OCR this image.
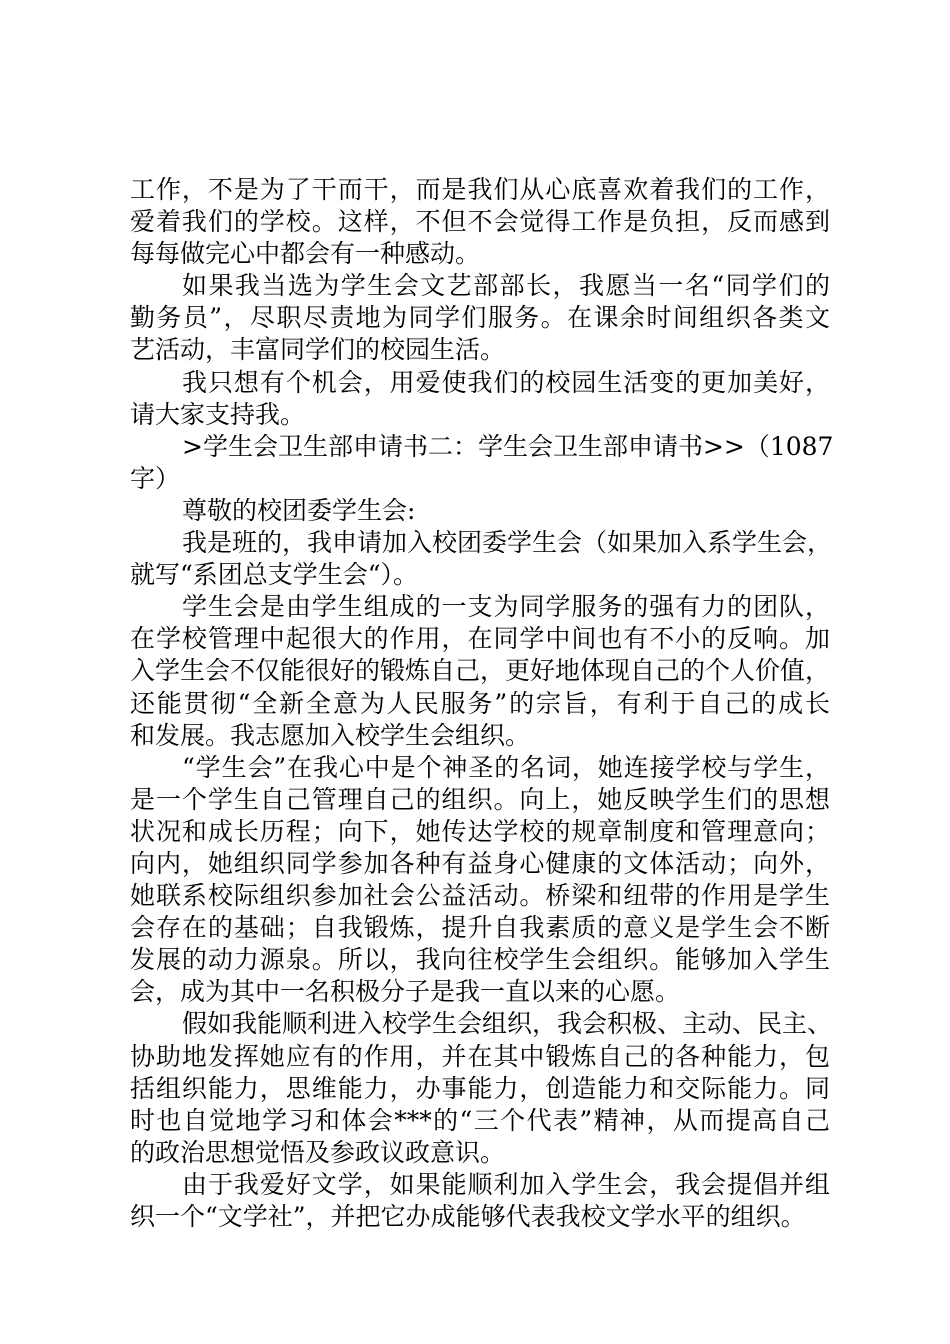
工作，不是为了干而干，而是我们从心底喜欢着我们的工作，
爱着我们的学校。这样，不但不会觉得工作是负担，反而感到
每每做完心中都会有一种感动。
如果我当选为学生会文艺部部长，我愿当一名“同学们的
勤务员”，尽职尽责地为同学们服务。在课余时间组织各类文
艺活动，丰富同学们的校园生活。
我只想有个机会，用爱使我们的校园生活变的更加美好，
请大家支持我。
>学生会卫生部申请书二：学生会卫生部申请书>>（1087
字）
尊敬的校团委学生会:
我是班的，我申请加入校团委学生会（如果加入系学生会，
就写“系团总支学生会“）。
学生会是由学生组成的一支为同学服务的强有力的团队，
在学校管理中起很大的作用，在同学中间也有不小的反响。加
入学生会不仅能很好的锻炼自己，更好地体现自己的个人价值，
还能贯彻“全新全意为人民服务”的宗旨，有利于自己的成长
和发展。我志愿加入校学生会组织。
“学生会”在我心中是个神圣的名词，她连接学校与学生，
是一个学生自己管理自己的组织。向上，她反映学生们的思想
状况和成长历程；向下，她传达学校的规章制度和管理意向；
向内，她组织同学参加各种有益身心健康的文体活动；向外，
她联系校际组织参加社会公益活动。桥梁和纽带的作用是学生
会存在的基础；自我锻炼，提升自我素质的意义是学生会不断
发展的动力源泉。所以，我向往校学生会组织。能够加入学生
会，成为其中一名积极分子是我一直以来的心愿。
假如我能顺利进入校学生会组织，我会积极、主动、民主、
协助地发挥她应有的作用，并在其中锻炼自己的各种能力，包
括组织能力，思维能力，办事能力，创造能力和交际能力。同
时也自觉地学习和体会***的“三个代表”精神，从而提高自己
的政治思想觉悟及参政议政意识。
由于我爱好文学，如果能顺利加入学生会，我会提倡并组
织一个“文学社”，并把它办成能够代表我校文学水平的组织。
